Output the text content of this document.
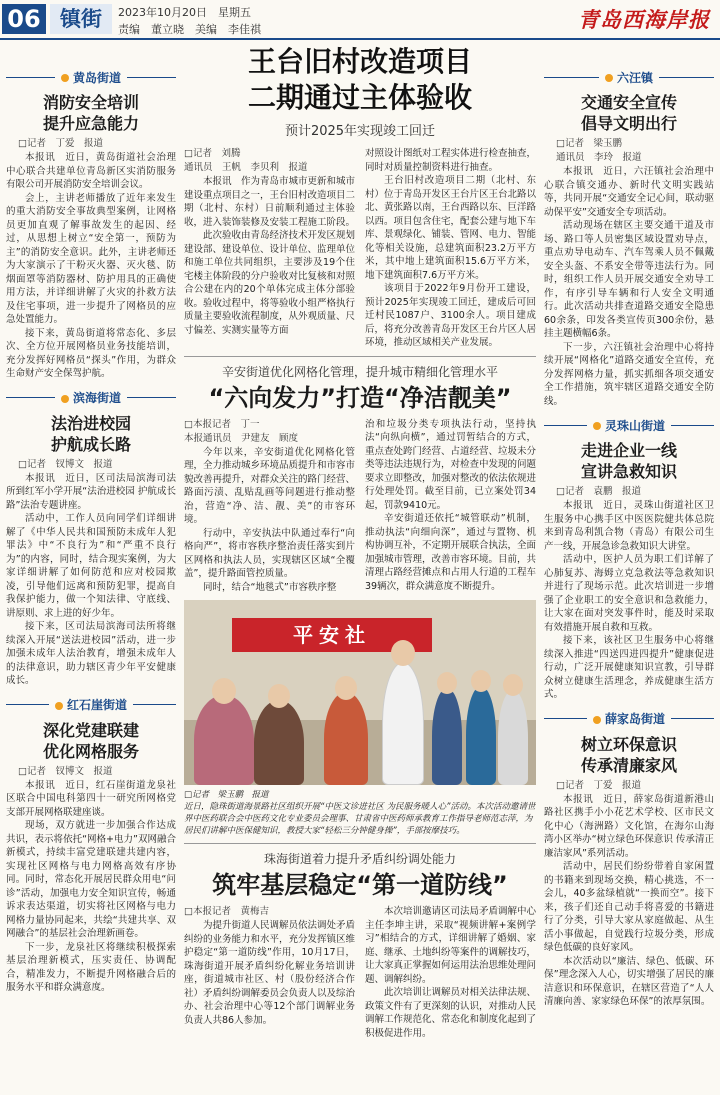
06 镇街	2023年10月20日　星期五
责编　董立晓　美编　李佳祺	青岛西海岸报
黄岛街道
消防安全培训
提升应急能力
□记者　丁爱　报道

本报讯　近日，黄岛街道社会治理中心联合共建单位青岛新区实消防服务有限公司开展消防安全培训会议。

会上，主讲老师播放了近年来发生的重大消防安全事故典型案例，让网格员更加直观了解事故发生的起因、经过，从思想上树立“安全第一，预防为主”的消防安全意识。此外，主讲老师还为大家演示了干粉灭火器、灭火毯、防烟面罩等消防器材、防护用具的正确使用方法，并详细讲解了火灾的扑救方法及住宅事项，进一步提升了网格员的应急处置能力。

接下来，黄岛街道将常态化、多层次、全方位开展网格员业务技能培训，充分发挥好网格员“探头”作用，为群众生命财产安全保驾护航。

滨海街道
法治进校园
护航成长路
□记者　钗博文　报道

本报讯　近日，区司法局滨海司法所到红军小学开展“法治进校园 护航成长路”法治专题讲座。

活动中，工作人员向同学们详细讲解了《中华人民共和国预防未成年人犯罪法》中“不良行为”和“严重不良行为”的内容，同时，结合现实案例，为大家详细讲解了如何防范和应对校园欺凌，引导他们远离和预防犯罪，提高自我保护能力，做一个知法律、守底线、讲原则、求上进的好少年。

接下来，区司法局滨海司法所将继续深入开展“送法进校园”活动，进一步加强未成年人法治教育，增强未成年人的法律意识，助力辖区青少年平安健康成长。

红石崖街道
深化党建联建
优化网格服务
□记者　钗博文　报道

本报讯　近日，红石崖街道龙泉社区联合中国电科第四十一研究所网格党支部开展网格联建座谈。

现场，双方就进一步加强合作达成共识，表示将依托“网格+电力”双网融合新模式，持续丰富党建联建共建内容，实现社区网格与电力网格高效有序协同。同时，常态化开展居民群众用电“问诊”活动，加强电力安全知识宣传，畅通诉求表达渠道，切实将社区网格与电力网格力量协同起来，共绘“共建共享、双网融合”的基层社会治理新画卷。

下一步，龙泉社区将继续积极探索基层治理新模式，压实责任、协调配合，精准发力，不断提升网格融合后的服务水平和群众满意度。

王台旧村改造项目
二期通过主体验收
预计2025年实现竣工回迁
□记者　刘腾
通讯员　王帆　李贝利　报道

本报讯　作为青岛市城市更新和城市建设重点项目之一，王台旧村改造项目二期（北村、东村）日前顺利通过主体验收，进入装饰装修及安装工程施工阶段。

此次验收由青岛经济技术开发区规划建设部、建设单位、设计单位、监理单位和施工单位共同组织，主要涉及19个住宅楼主体阶段的分户验收对比复核和对照合公建在内的20个单体完成主体分部验收。验收过程中，将等验收小组严格执行质量主要验收流程制度，从外观质量、尺寸偏差、实测实量等方面

对照设计图纸对工程实体进行检查抽查，同时对质量控制资料进行抽查。

王台旧村改造项目二期（北村、东村）位于青岛开发区王台片区王台北路以北、黄张路以南，王台西路以东、巨洋路以西。项目包含住宅，配套公建与地下车库、景观绿化、铺装、管网、电力、智能化等相关设施，总建筑面积23.2万平方米，其中地上建筑面积15.6万平方米，地下建筑面积7.6万平方米。

该项目于2022年9月份开工建设，预计2025年实现竣工回迁，建成后可回迁村民1087户、3100余人。项目建成后，将充分改善青岛开发区王台片区人居环境，推动区域相关产业发展。

辛安街道优化网格化管理，提升城市精细化管理水平
“六向发力”打造“净洁靓美”
□本报记者　丁一
本报通讯员　尹建友　顾度

今年以来，辛安街道优化网格化管理，全力推动城乡环境品质提升和市容市貌改善再提升，对群众关注的路门经营、路面污渍、乱贴乱画等问题进行推动整治，营造“净、洁、靓、美”的市容环境。

行动中，辛安执法中队通过奉行“向格向严”，将市容秩序整治责任落实到片区网格和执法人员，实现辖区区域“全覆盖”，提升路面管控质量。

同时，结合“地毯式”市容秩序整

治和垃圾分类专项执法行动，坚持执法“向纵向横”，通过罚暂结合的方式，重点查处跨门经营、占道经营、垃圾未分类等违法违规行为，对检查中发现的问题要求立即整改，加强对整改的依法依规进行处理处罚。截至目前，已立案处罚34起，罚款9410元。

辛安街道还依托“城管联动”机制，推动执法“向细向深”，通过与置物、机构协调互补，不定期开展联合执法，全面加强城市管理，改善市容环境。目前，共清理占路经营摊点和占用人行道的工程车39辆次，群众满意度不断提升。

平安社
□记者　梁玉鹏　报道
近日，隐珠街道海景路社区组织开展“中医文诊进社区 为民服务暖人心”活动。本次活动邀请世界中医药联合会中医药文化专业委员会理事、甘肃省中医药师承教育工作指导老师范志萍，为居民们讲解中医保健知识，教授大家“轻松三分钟健身操”，手部按摩技巧。
珠海街道着力提升矛盾纠纷调处能力
筑牢基层稳定“第一道防线”
□本报记者　黄梅吉

为提升街道人民调解员依法调处矛盾纠纷的业务能力和水平，充分发挥镇区维护稳定“第一道防线”作用，10月17日，珠海街道开展矛盾纠纷化解业务培训讲座，街道城市社区、村（股份经济合作社）矛盾纠纷调解委员会负责人以及综治办、社会治理中心等12个部门调解业务负责人共86人参加。

本次培训邀请区司法局矛盾调解中心主任李坤主讲，采取“视频讲解+案例学习”相结合的方式，详细讲解了婚姻、家庭、继承、土地纠纷等案件的调解技巧，让大家真正掌握如何运用法治思维处理问题、调解纠纷。

此次培训让调解员对相关法律法规、政策文件有了更深刻的认识，对推动人民调解工作规范化、常态化和制度化起到了积极促进作用。

六汪镇
交通安全宣传
倡导文明出行
□记者　梁玉鹏
通讯员　李玲　报道

本报讯　近日，六汪镇社会治理中心联合镇交通办、新时代文明实践站等，共同开展“交通安全记心间，联动驱动保平安”交通安全专项活动。

活动现场在辖区主要交通干道及市场、路口等人员密集区域设置劝导点，重点劝导电动车、汽车驾乘人员不佩戴安全头盔、不系安全带等违法行为。同时，组织工作人员开展交通安全劝导工作，有序引导车辆和行人安全文明通行。此次活动共排查道路交通安全隐患60余条，印发各类宣传页300余份，悬挂主题横幅6条。

下一步，六汪镇社会治理中心将持续开展“网格化”道路交通安全宣传，充分发挥网格力量，抓实抓细各项交通安全工作措施，筑牢辖区道路交通安全防线。

灵珠山街道
走进企业一线
宣讲急救知识
□记者　袁鹏　报道

本报讯　近日，灵珠山街道社区卫生服务中心携手区中医医院健共体总院来到青岛利凯合物（青岛）有限公司生产一线，开展急诊急救知识大讲堂。

活动中，医护人员为职工们详解了心肺复苏、海姆立克急救法等急救知识并进行了现场示范。此次培训进一步增强了企业职工的安全意识和急救能力，让大家在面对突发事件时，能及时采取有效措施开展自救和互救。

接下来，该社区卫生服务中心将继续深入推进“四送四进四提升”健康促进行动，广泛开展健康知识宣教，引导群众树立健康生活理念，养成健康生活方式。

薛家岛街道
树立环保意识
传承清廉家风
□记者　丁爱　报道

本报讯　近日，薛家岛街道新港山路社区携手小小花艺术学校、区市民文化中心（海洲路）文化馆，在海尔山海湾小区举办“树立绿色环保意识 传承清正廉洁家风”系列活动。

活动中，居民们纷纷带着自家闲置的书籍来到现场交换，精心挑选，不一会儿，40多盆绿植就“一换而空”。接下来，孩子们还自己动手将喜爱的书籍进行了分类，引导大家从家庭做起、从生活小事做起，自觉践行垃圾分类，形成绿色低碳的良好家风。

本次活动以“廉洁、绿色、低碳、环保”理念深入人心，切实增强了居民的廉洁意识和环保意识，在辖区营造了“人人清廉向善、家家绿色环保”的浓厚氛围。
